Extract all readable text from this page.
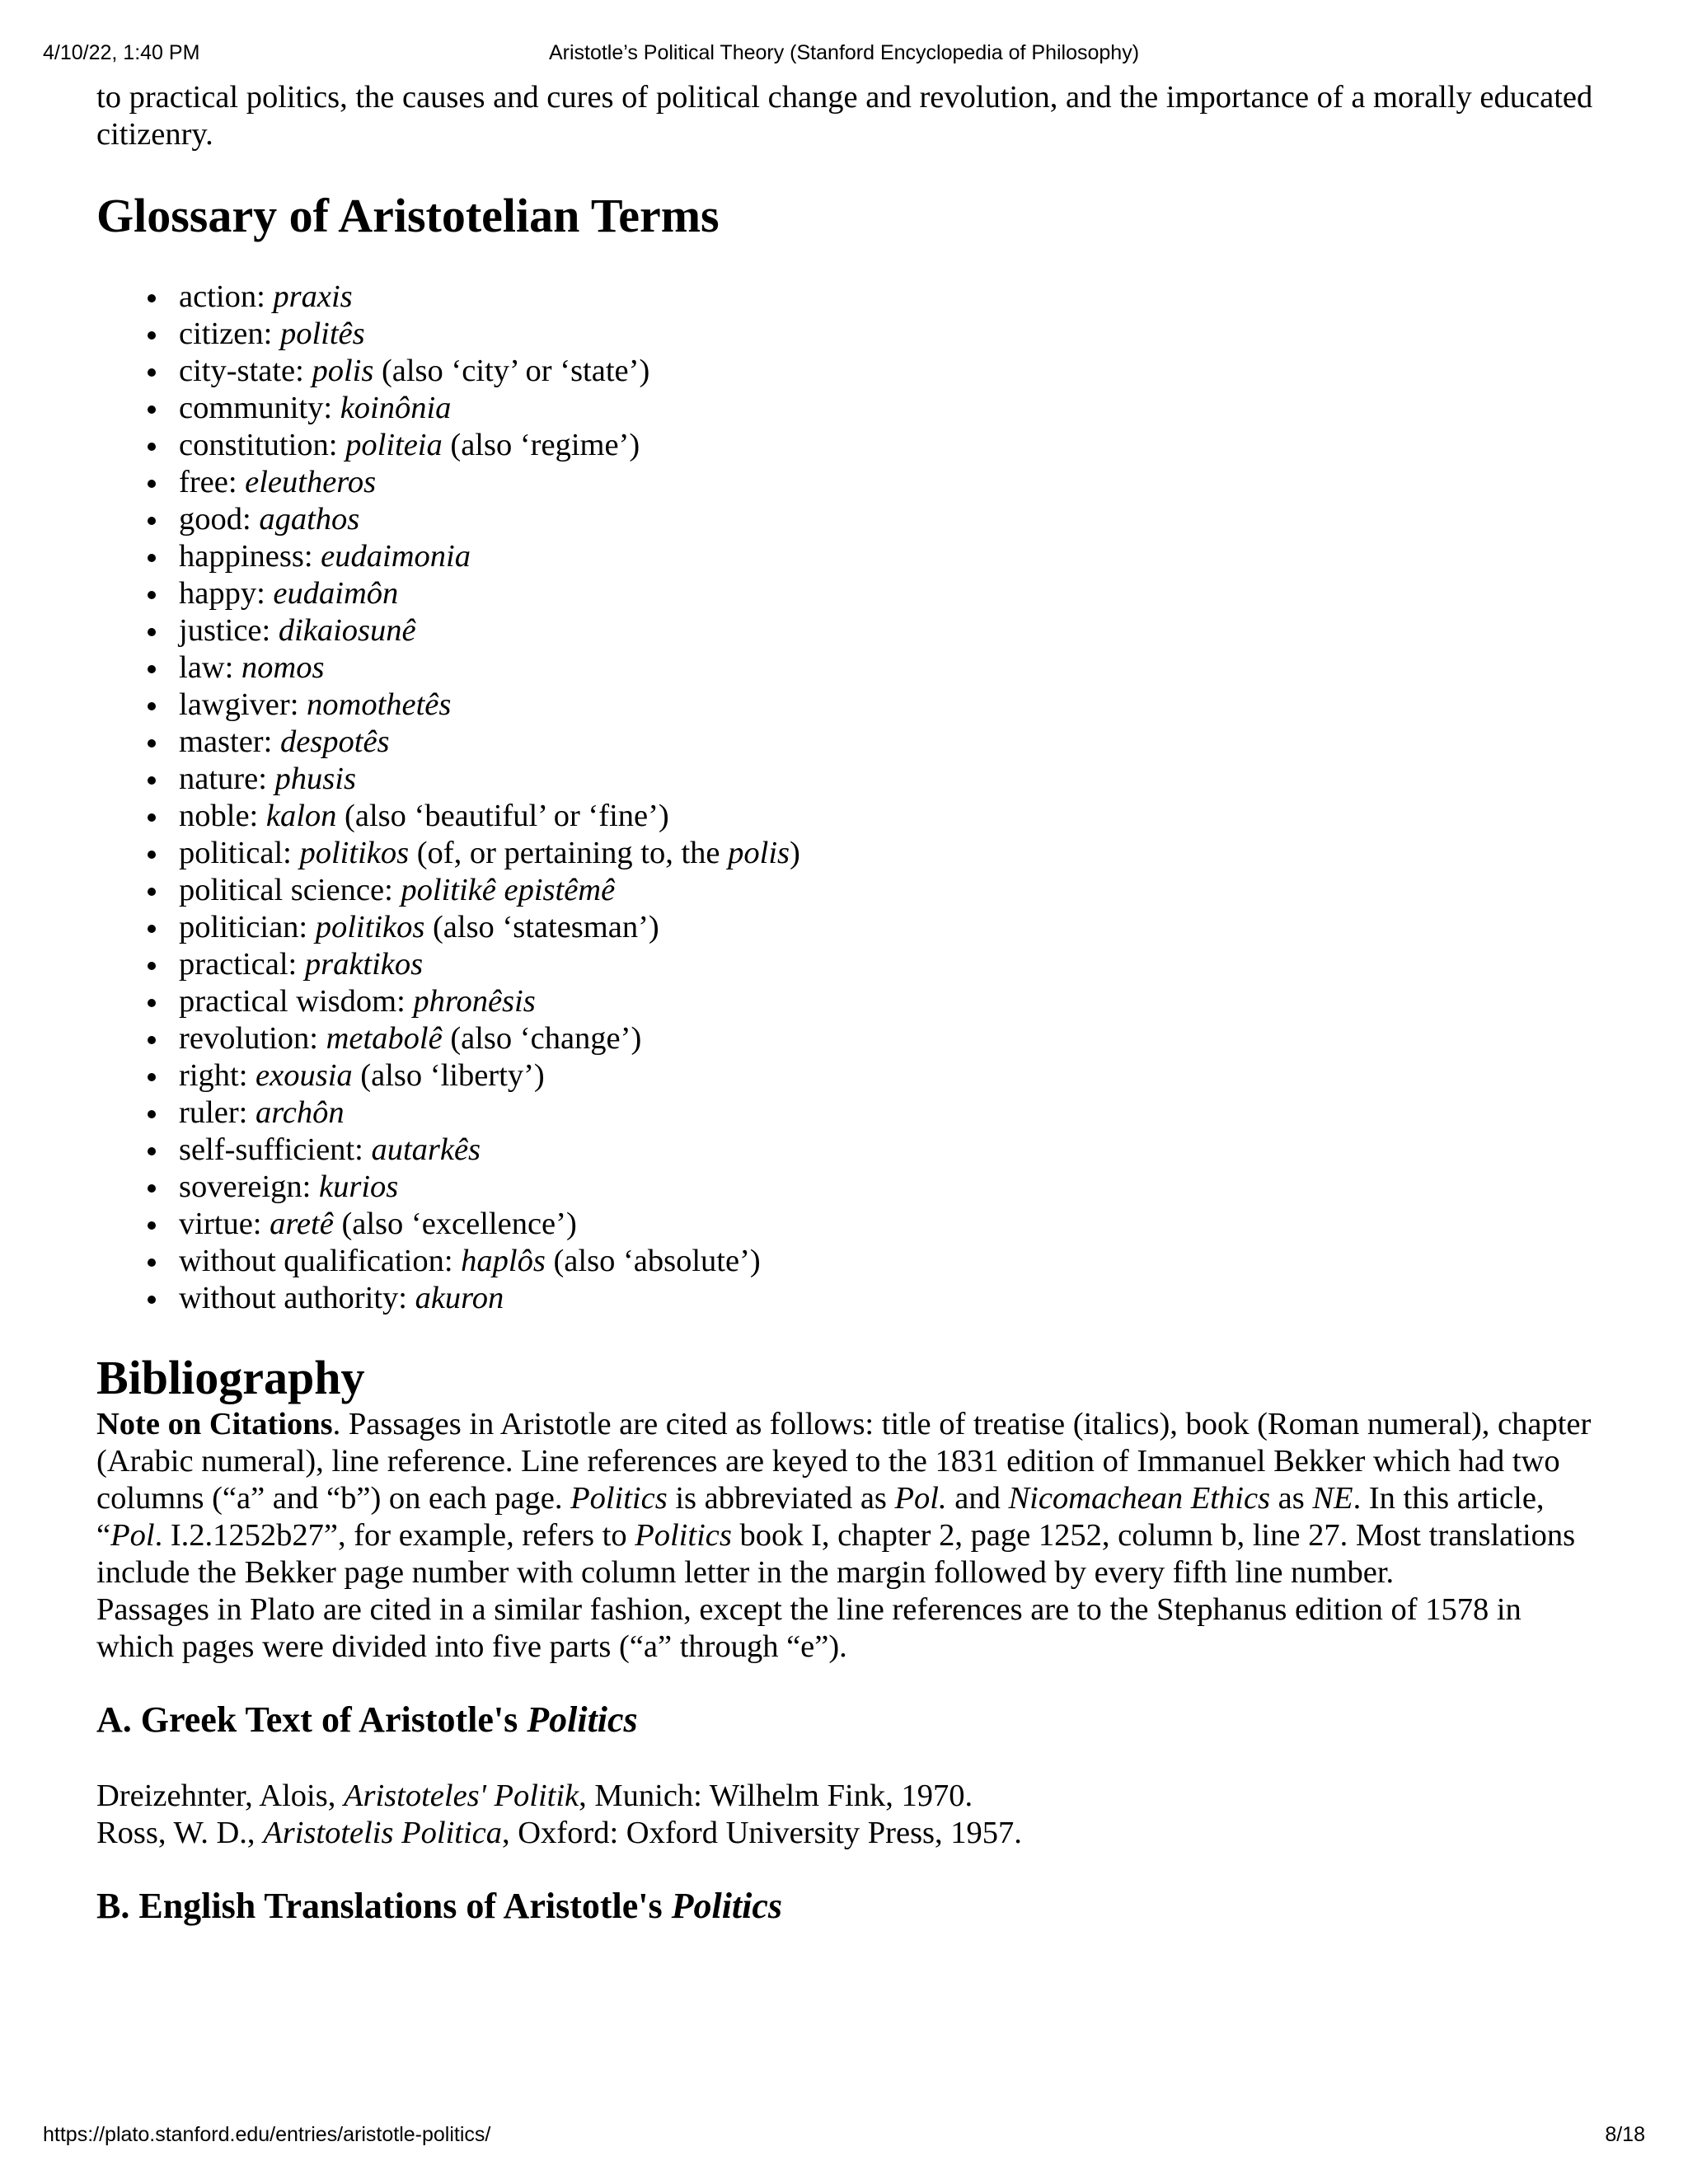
Aristotle’s Political Theory (Stanford Encyclopedia of Philosophy)
4/10/22, 1:40 PM

to practical politics, the causes and cures of political change and revolution, and the importance of a morally educated citizenry.

Glossary of Aristotelian Terms
action: praxis
citizen: politês
city-state: polis (also ‘city’ or ‘state’)
community: koinônia
constitution: politeia (also ‘regime’)
free: eleutheros
good: agathos
happiness: eudaimonia
happy: eudaimôn
justice: dikaiosunê
law: nomos
lawgiver: nomothetês
master: despotês
nature: phusis
noble: kalon (also ‘beautiful’ or ‘fine’)
political: politikos (of, or pertaining to, the polis)
political science: politikê epistêmê
politician: politikos (also ‘statesman’)
practical: praktikos
practical wisdom: phronêsis
revolution: metabolê (also ‘change’)
right: exousia (also ‘liberty’)
ruler: archôn
self-sufficient: autarkês
sovereign: kurios
virtue: aretê (also ‘excellence’)
without qualification: haplôs (also ‘absolute’)
without authority: akuron
Bibliography

Note on Citations. Passages in Aristotle are cited as follows: title of treatise (italics), book (Roman numeral), chapter (Arabic numeral), line reference. Line references are keyed to the 1831 edition of Immanuel Bekker which had two columns (“a” and “b”) on each page. Politics is abbreviated as Pol. and Nicomachean Ethics as NE. In this article, “Pol. I.2.1252b27”, for example, refers to Politics book I, chapter 2, page 1252, column b, line 27. Most translations include the Bekker page number with column letter in the margin followed by every fifth line number.

Passages in Plato are cited in a similar fashion, except the line references are to the Stephanus edition of 1578 in which pages were divided into five parts (“a” through “e”).

A. Greek Text of Aristotle's Politics
Dreizehnter, Alois, Aristoteles' Politik, Munich: Wilhelm Fink, 1970.
Ross, W. D., Aristotelis Politica, Oxford: Oxford University Press, 1957.
B. English Translations of Aristotle's Politics
https://plato.stanford.edu/entries/aristotle-politics/	8/18
